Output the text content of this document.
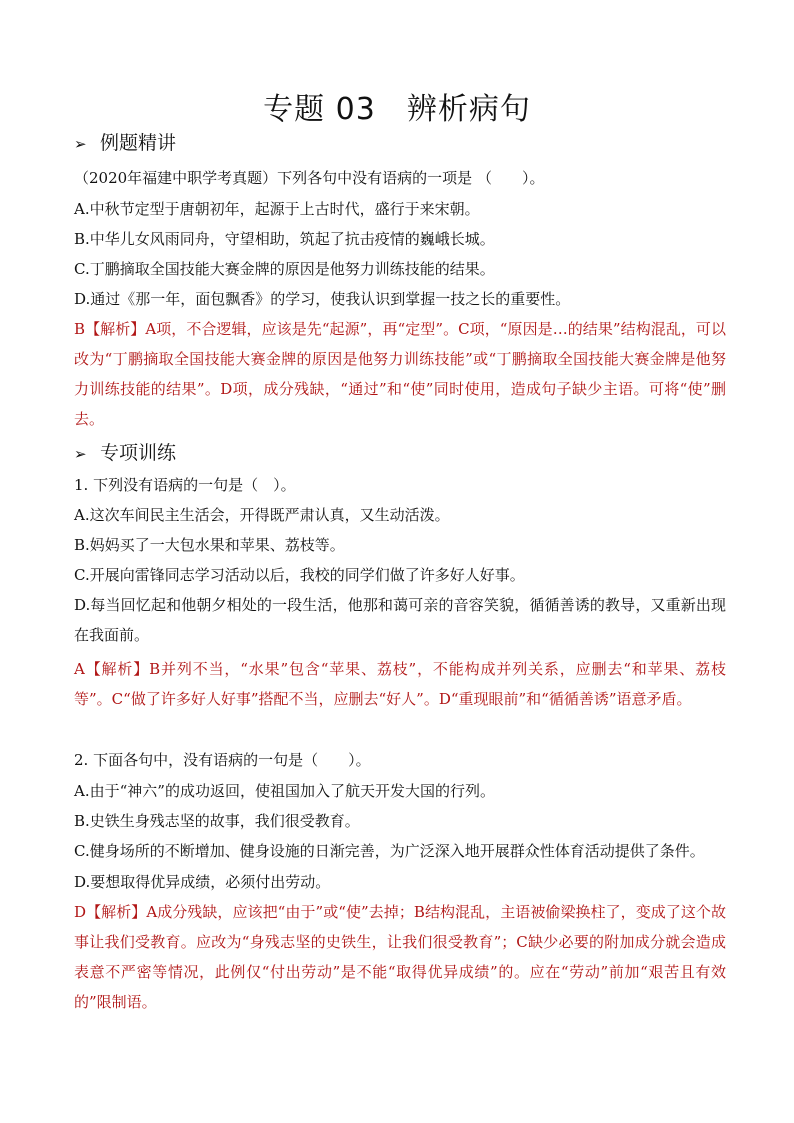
专题 03　辨析病句
➢ 例题精讲
（2020年福建中职学考真题）下列各句中没有语病的一项是 （　　）。
A.中秋节定型于唐朝初年，起源于上古时代，盛行于来宋朝。
B.中华儿女风雨同舟，守望相助，筑起了抗击疫情的巍峨长城。
C.丁鹏摘取全国技能大赛金牌的原因是他努力训练技能的结果。
D.通过《那一年，面包飘香》的学习，使我认识到掌握一技之长的重要性。
B【解析】A项，不合逻辑，应该是先“起源”，再“定型”。C项，“原因是…的结果”结构混乱，可以改为“丁鹏摘取全国技能大赛金牌的原因是他努力训练技能”或“丁鹏摘取全国技能大赛金牌是他努力训练技能的结果”。D项，成分残缺，“通过”和“使”同时使用，造成句子缺少主语。可将“使”删去。
➢ 专项训练
1. 下列没有语病的一句是（　）。
A.这次车间民主生活会，开得既严肃认真，又生动活泼。
B.妈妈买了一大包水果和苹果、荔枝等。
C.开展向雷锋同志学习活动以后，我校的同学们做了许多好人好事。
D.每当回忆起和他朝夕相处的一段生活，他那和蔼可亲的音容笑貌，循循善诱的教导，又重新出现在我面前。
A【解析】B并列不当，“水果”包含“苹果、荔枝”，不能构成并列关系，应删去“和苹果、荔枝等”。C“做了许多好人好事”搭配不当，应删去“好人”。D“重现眼前”和“循循善诱”语意矛盾。
2. 下面各句中，没有语病的一句是（　　）。
A.由于“神六”的成功返回，使祖国加入了航天开发大国的行列。
B.史铁生身残志坚的故事，我们很受教育。
C.健身场所的不断增加、健身设施的日渐完善，为广泛深入地开展群众性体育活动提供了条件。
D.要想取得优异成绩，必须付出劳动。
D【解析】A成分残缺，应该把“由于”或“使”去掉；B结构混乱，主语被偷梁换柱了，变成了这个故事让我们受教育。应改为“身残志坚的史铁生，让我们很受教育”；C缺少必要的附加成分就会造成表意不严密等情况，此例仅“付出劳动”是不能“取得优异成绩”的。应在“劳动”前加“艰苦且有效的”限制语。
